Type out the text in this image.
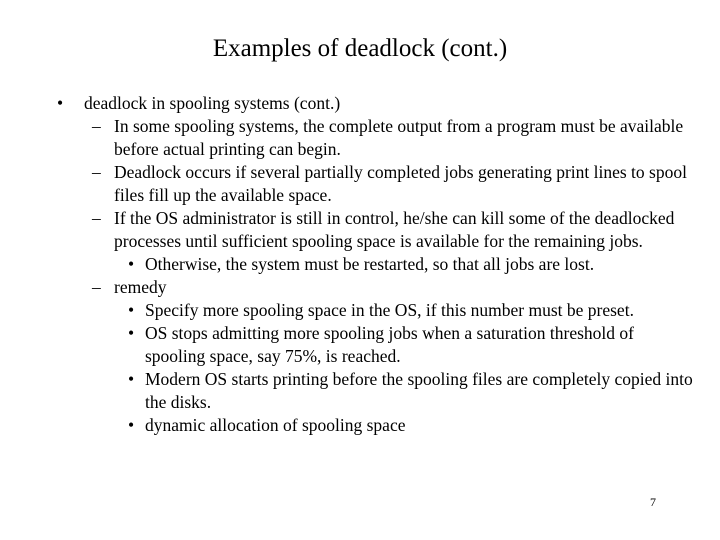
Examples of deadlock (cont.)
• deadlock in spooling systems (cont.)
– In some spooling systems, the complete output from a program must be available before actual printing can begin.
– Deadlock occurs if several partially completed jobs generating print lines to spool files fill up the available space.
– If the OS administrator is still in control, he/she can kill some of the deadlocked processes until sufficient spooling space is available for the remaining jobs.
• Otherwise, the system must be restarted, so that all jobs are lost.
– remedy
• Specify more spooling space in the OS, if this number must be preset.
• OS stops admitting more spooling jobs when a saturation threshold of spooling space, say 75%, is reached.
• Modern OS starts printing before the spooling files are completely copied into the disks.
• dynamic allocation of spooling space
7
